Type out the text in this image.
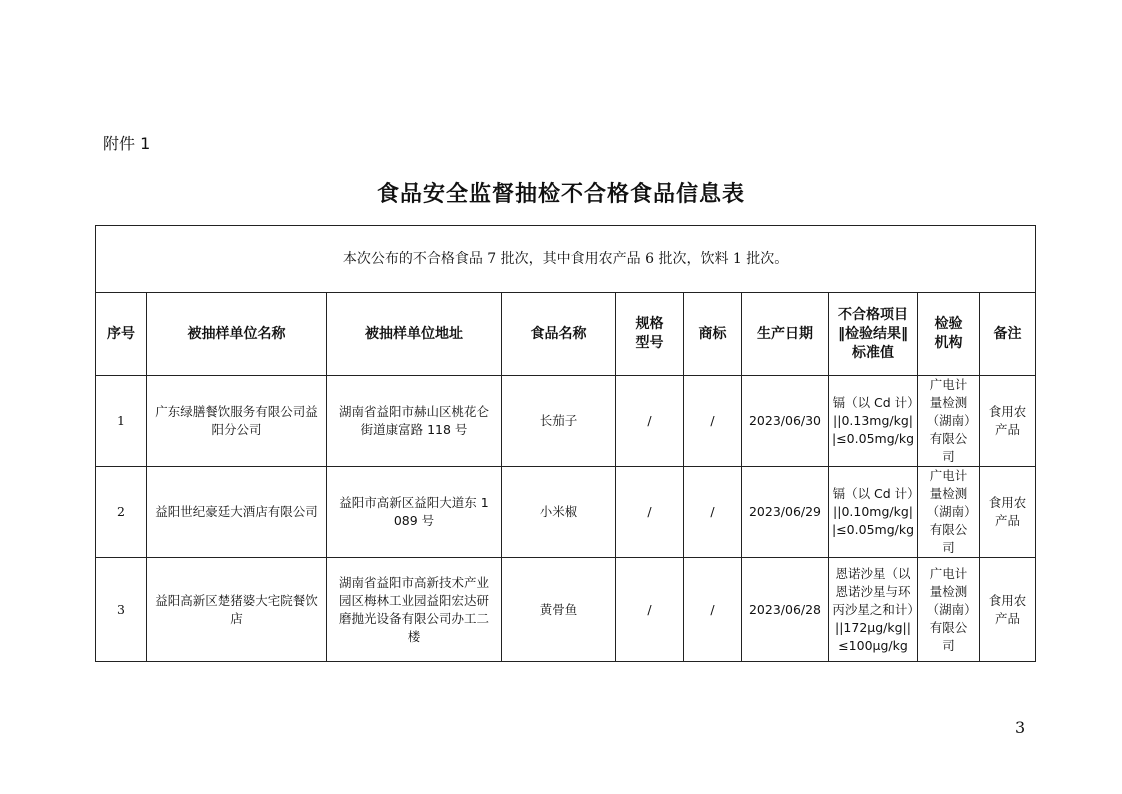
附件 1
食品安全监督抽检不合格食品信息表
本次公布的不合格食品 7 批次，其中食用农产品 6 批次，饮料 1 批次。									
序号	被抽样单位名称	被抽样单位地址	食品名称	规格型号	商标	生产日期	不合格项目‖检验结果‖标准值	检验机构	备注
1	广东绿膳餐饮服务有限公司益阳分公司	湖南省益阳市赫山区桃花仑街道康富路 118 号	长茄子	/	/	2023/06/30	镉（以 Cd 计）||0.13mg/kg||≤0.05mg/kg	广电计量检测（湖南）有限公司	食用农产品
2	益阳世纪豪廷大酒店有限公司	益阳市高新区益阳大道东 1089 号	小米椒	/	/	2023/06/29	镉（以 Cd 计）||0.10mg/kg||≤0.05mg/kg	广电计量检测（湖南）有限公司	食用农产品
3	益阳高新区楚猪婆大宅院餐饮店	湖南省益阳市高新技术产业园区梅林工业园益阳宏达研磨抛光设备有限公司办工二楼	黄骨鱼	/	/	2023/06/28	恩诺沙星（以恩诺沙星与环丙沙星之和计）||172μg/kg||≤100μg/kg	广电计量检测（湖南）有限公司	食用农产品
3
